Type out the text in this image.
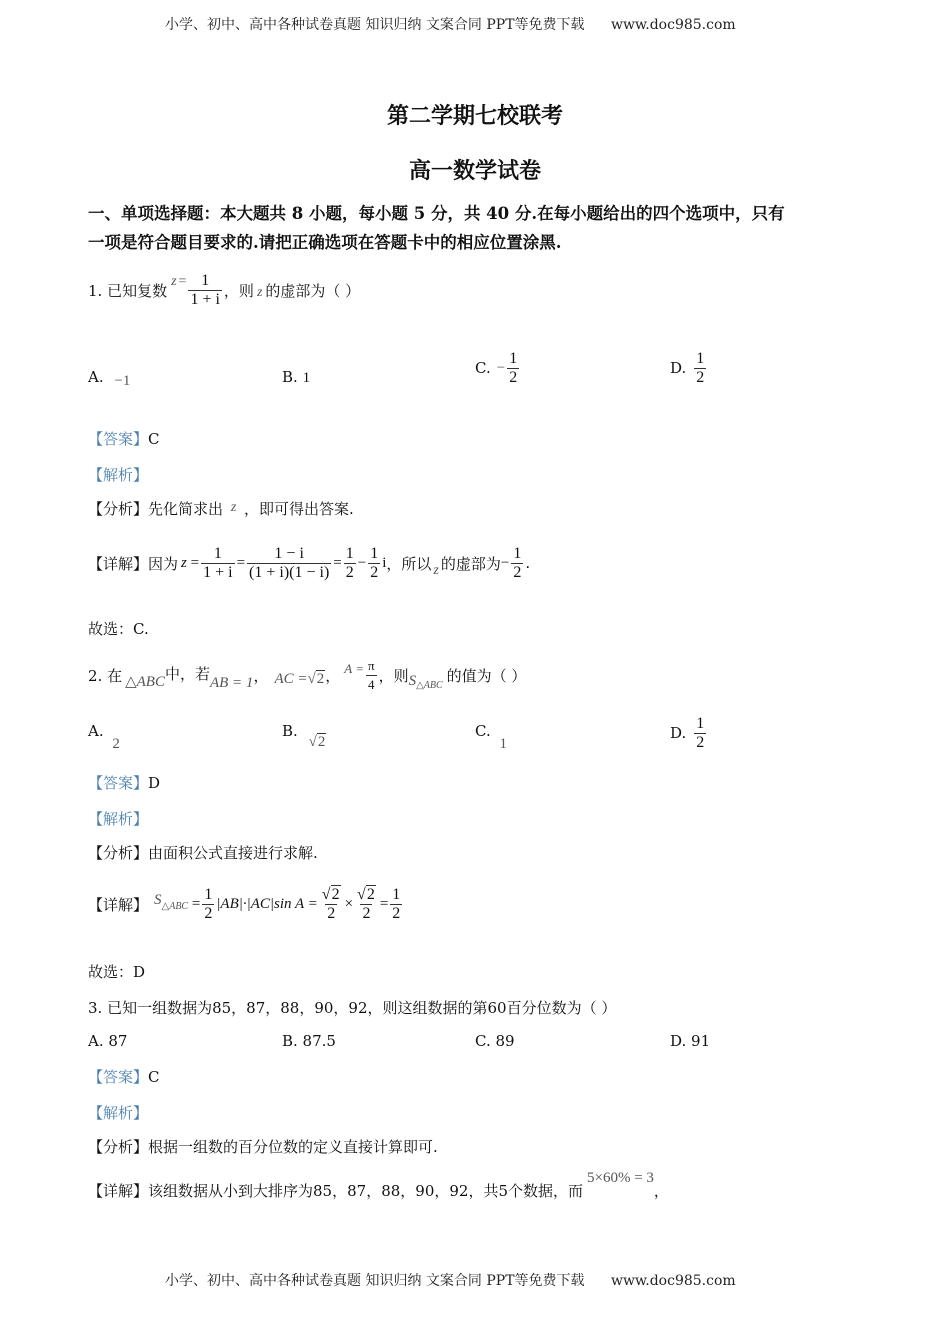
小学、初中、高中各种试卷真题 知识归纳 文案合同 PPT等免费下载 www.doc985.com
第二学期七校联考
高一数学试卷
一、单项选择题：本大题共 8 小题，每小题 5 分，共 40 分.在每小题给出的四个选项中，只有
一项是符合题目要求的.请把正确选项在答题卡中的相应位置涂黑.
1. 已知复数 $z = \frac{1}{1 + i}$ ，则 z 的虚部为（ ）
A. −1	B. 1
C. − $\frac{1}{2}$	D. $\frac{1}{2}$
【答案】C
【解析】
【分析】先化简求出 z ，即可得出答案.
【详解】 因为 $z = \frac{1}{1 + i} = \frac{1 - i}{(1 + i)(1 - i)} = \frac{1}{2} - \frac{1}{2}$ i ，所以 z 的虚部为 − $\frac{1}{2}$ .
故选：C.
2. 在 △ABC 中，若 AB = 1 ， AC = √2 ， $A = \frac{\pi}{4}$ ，则 S △ABC
的值为（ ）
A. 2
B. √2
C. 1
D. $\frac{1}{2}$
【答案】D
【解析】
【分析】由面积公式直接进行求解.
【详解】 S △ABC = $\frac{1}{2} |AB|\cdot|AC|\sin$ $A = \frac{√2}{2} \times \frac{√2}{2} = \frac{1}{2}$
故选：D
3. 已知一组数据为85，87，88，90，92，则这组数据的第60百分位数为（ ）
A. 87	B. 87.5	C. 89	D. 91
【答案】C
【解析】
【分析】根据一组数的百分位数的定义直接计算即可.
【详解】 该组数据从小到大排序为85，87，88，90，92，共5个数据，而
5×60% = 3
，
小学、初中、高中各种试卷真题 知识归纳 文案合同 PPT等免费下载 www.doc985.com
